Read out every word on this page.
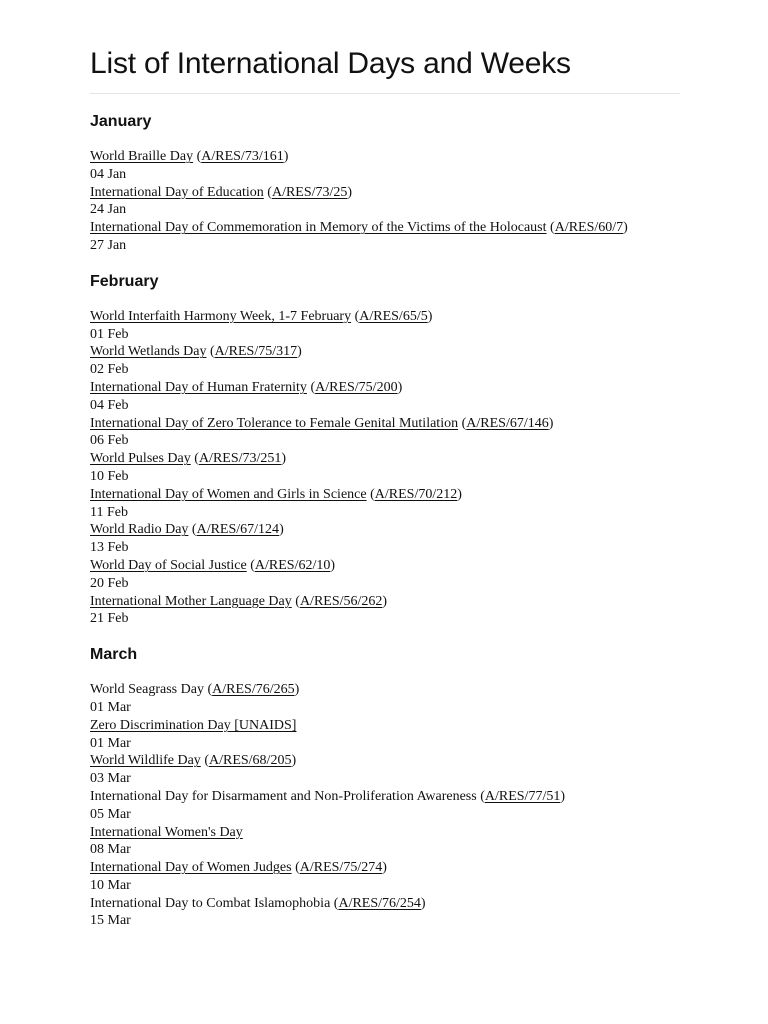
List of International Days and Weeks
January
World Braille Day (A/RES/73/161)
04 Jan
International Day of Education (A/RES/73/25)
24 Jan
International Day of Commemoration in Memory of the Victims of the Holocaust (A/RES/60/7)
27 Jan
February
World Interfaith Harmony Week, 1-7 February (A/RES/65/5)
01 Feb
World Wetlands Day (A/RES/75/317)
02 Feb
International Day of Human Fraternity (A/RES/75/200)
04 Feb
International Day of Zero Tolerance to Female Genital Mutilation (A/RES/67/146)
06 Feb
World Pulses Day (A/RES/73/251)
10 Feb
International Day of Women and Girls in Science (A/RES/70/212)
11 Feb
World Radio Day (A/RES/67/124)
13 Feb
World Day of Social Justice (A/RES/62/10)
20 Feb
International Mother Language Day (A/RES/56/262)
21 Feb
March
World Seagrass Day (A/RES/76/265)
01 Mar
Zero Discrimination Day [UNAIDS]
01 Mar
World Wildlife Day (A/RES/68/205)
03 Mar
International Day for Disarmament and Non-Proliferation Awareness (A/RES/77/51)
05 Mar
International Women's Day
08 Mar
International Day of Women Judges (A/RES/75/274)
10 Mar
International Day to Combat Islamophobia (A/RES/76/254)
15 Mar
